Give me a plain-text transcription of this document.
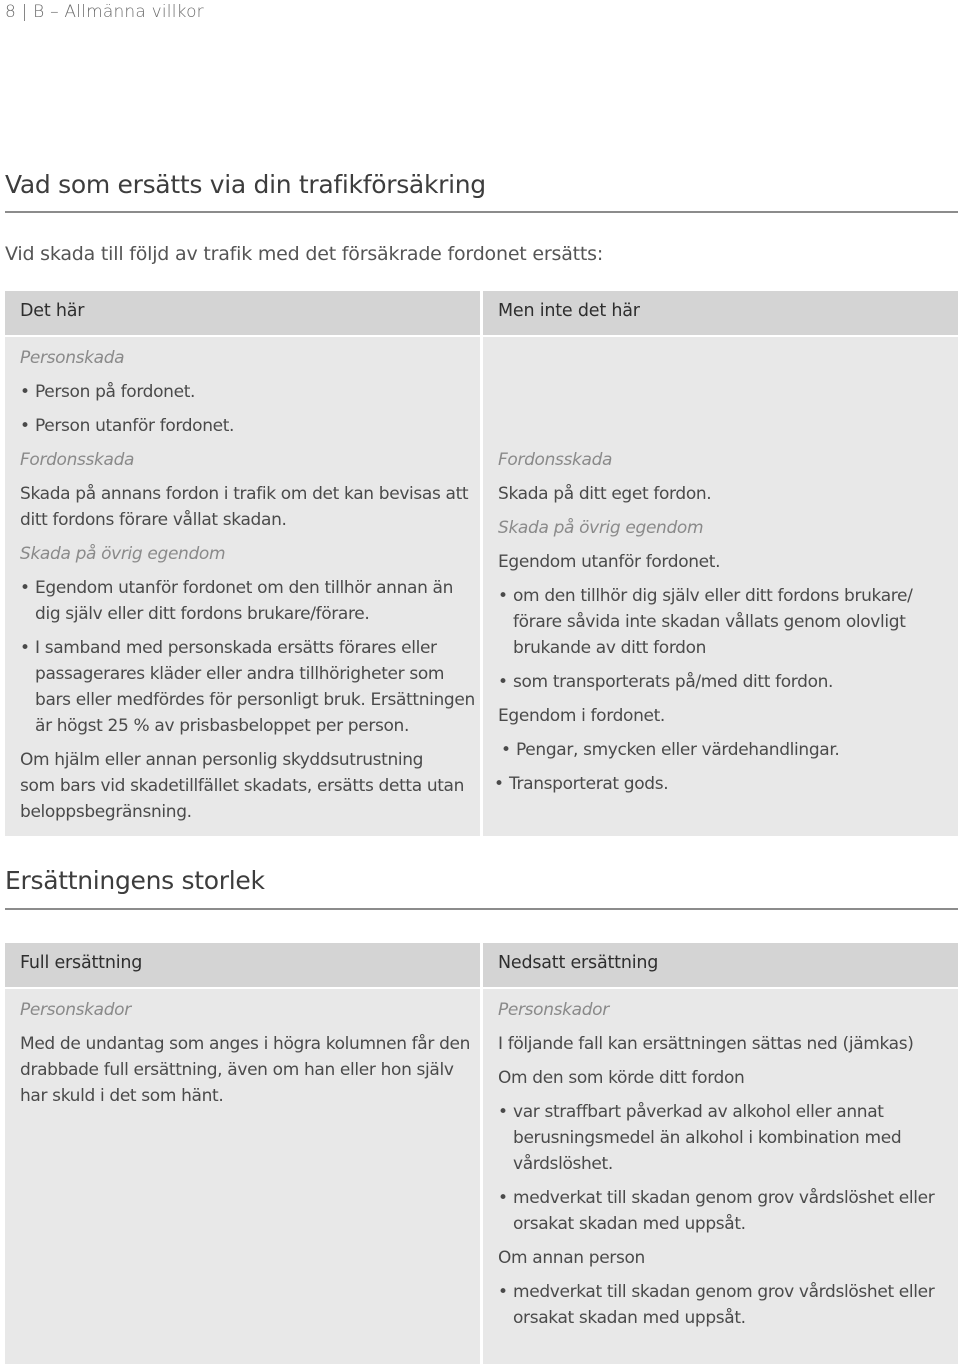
8 | B – Allmänna villkor
Vad som ersätts via din trafikförsäkring
Vid skada till följd av trafik med det försäkrade fordonet ersätts:
Det här	Men inte det här
Personskada
• Person på fordonet.
• Person utanför fordonet.
Fordonsskada
Skada på annans fordon i trafik om det kan bevisas att
ditt fordons förare vållat skadan.
Skada på övrig egendom
• Egendom utanför fordonet om den tillhör annan än
dig själv eller ditt fordons brukare/förare.
• I samband med personskada ersätts förares eller
passagerares kläder eller andra tillhörigheter som
bars eller medfördes för personligt bruk. Ersättningen
är högst 25 % av prisbasbeloppet per person.
Om hjälm eller annan personlig skyddsutrustning
som bars vid skadetillfället skadats, ersätts detta utan
beloppsbegränsning.
Fordonsskada
Skada på ditt eget fordon.
Skada på övrig egendom
Egendom utanför fordonet.
• om den tillhör dig själv eller ditt fordons brukare/
förare såvida inte skadan vållats genom olovligt
brukande av ditt fordon
• som transporterats på/med ditt fordon.
Egendom i fordonet.
• Pengar, smycken eller värdehandlingar.
• Transporterat gods.
Ersättningens storlek
Full ersättning	Nedsatt ersättning
Personskador
Med de undantag som anges i högra kolumnen får den
drabbade full ersättning, även om han eller hon själv
har skuld i det som hänt.
Personskador
I följande fall kan ersättningen sättas ned (jämkas)
Om den som körde ditt fordon
• var straffbart påverkad av alkohol eller annat
berusningsmedel än alkohol i kombination med
vårdslöshet.
• medverkat till skadan genom grov vårdslöshet eller
orsakat skadan med uppsåt.
Om annan person
• medverkat till skadan genom grov vårdslöshet eller
orsakat skadan med uppsåt.
